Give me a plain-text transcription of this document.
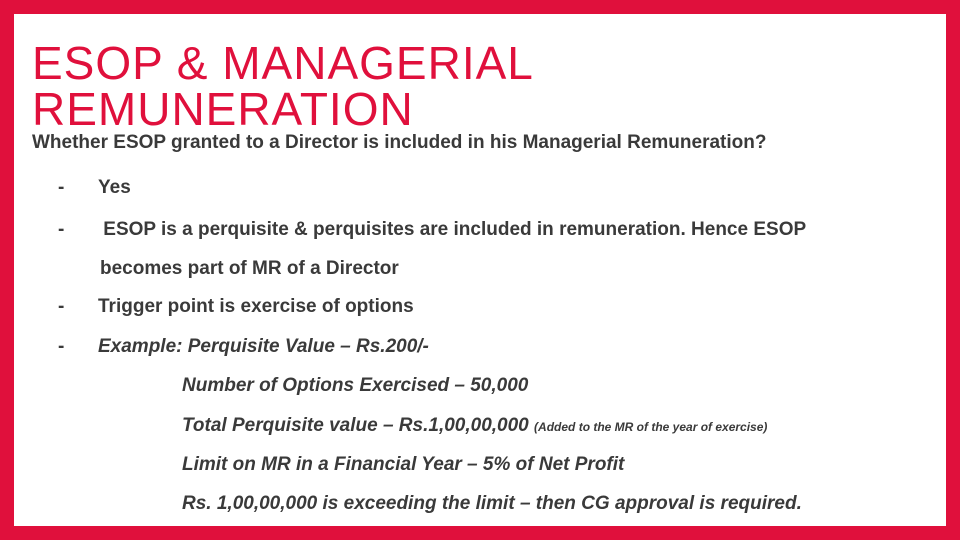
ESOP & MANAGERIAL REMUNERATION
Whether ESOP granted to a Director is included in his Managerial Remuneration?
- Yes
- ESOP is a perquisite & perquisites are included in remuneration. Hence ESOP
becomes part of MR of a Director
- Trigger point is exercise of options
- Example: Perquisite Value – Rs.200/-
Number of Options Exercised – 50,000
Total Perquisite value – Rs.1,00,00,000 (Added to the MR of the year of exercise)
Limit on MR in a Financial Year – 5% of Net Profit
Rs. 1,00,00,000 is exceeding the limit – then CG approval is required.
